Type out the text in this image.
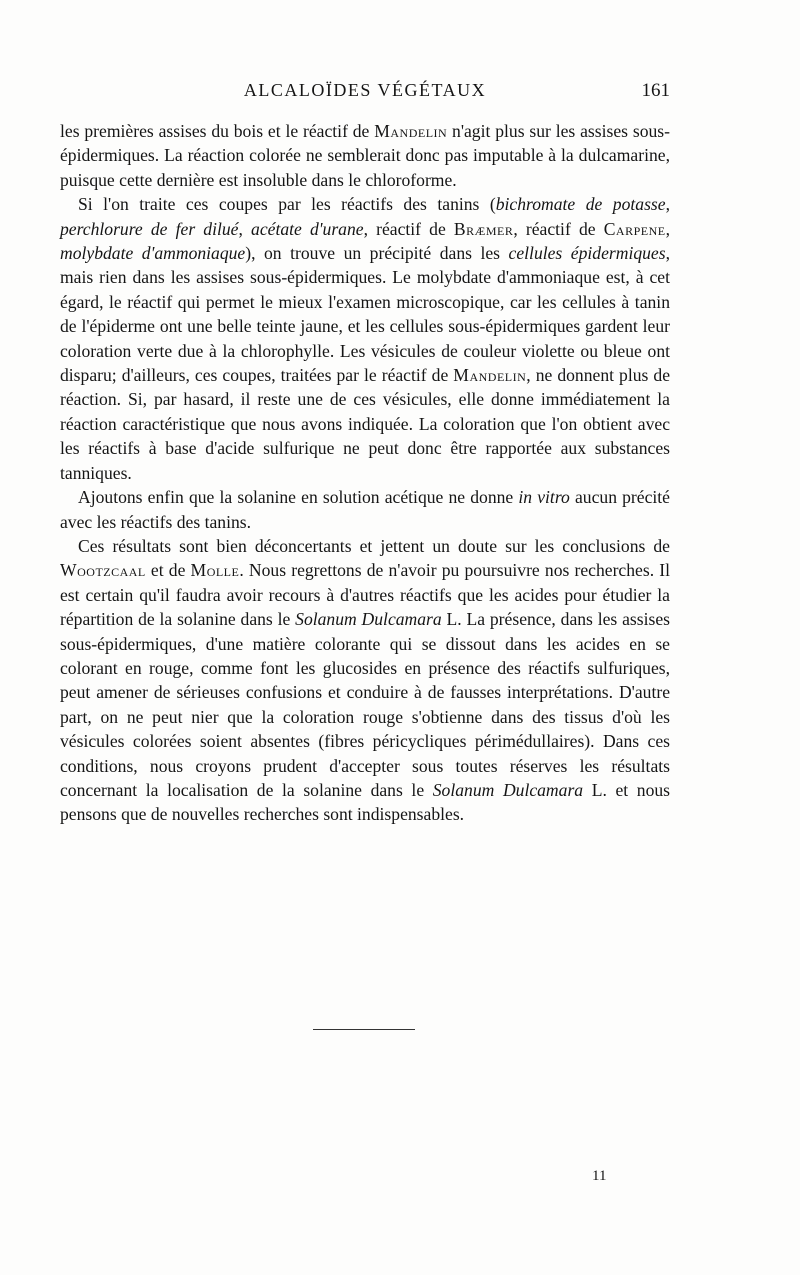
ALCALOÏDES VÉGÉTAUX	161

les premières assises du bois et le réactif de Mandelin n'agit plus sur les assises sous-épidermiques. La réaction colorée ne semblerait donc pas imputable à la dulcamarine, puisque cette dernière est insoluble dans le chloroforme.

Si l'on traite ces coupes par les réactifs des tanins (bichromate de potasse, perchlorure de fer dilué, acétate d'urane, réactif de Bræmer, réactif de Carpene, molybdate d'ammoniaque), on trouve un précipité dans les cellules épidermiques, mais rien dans les assises sous-épidermiques. Le molybdate d'ammoniaque est, à cet égard, le réactif qui permet le mieux l'examen microscopique, car les cellules à tanin de l'épiderme ont une belle teinte jaune, et les cellules sous-épidermiques gardent leur coloration verte due à la chlorophylle. Les vésicules de couleur violette ou bleue ont disparu; d'ailleurs, ces coupes, traitées par le réactif de Mandelin, ne donnent plus de réaction. Si, par hasard, il reste une de ces vésicules, elle donne immédiatement la réaction caractéristique que nous avons indiquée. La coloration que l'on obtient avec les réactifs à base d'acide sulfurique ne peut donc être rapportée aux substances tanniques.

Ajoutons enfin que la solanine en solution acétique ne donne in vitro aucun précité avec les réactifs des tanins.

Ces résultats sont bien déconcertants et jettent un doute sur les conclusions de Wootzcaal et de Molle. Nous regrettons de n'avoir pu poursuivre nos recherches. Il est certain qu'il faudra avoir recours à d'autres réactifs que les acides pour étudier la répartition de la solanine dans le Solanum Dulcamara L. La présence, dans les assises sous-épidermiques, d'une matière colorante qui se dissout dans les acides en se colorant en rouge, comme font les glucosides en présence des réactifs sulfuriques, peut amener de sérieuses confusions et conduire à de fausses interprétations. D'autre part, on ne peut nier que la coloration rouge s'obtienne dans des tissus d'où les vésicules colorées soient absentes (fibres péricycliques périmédullaires). Dans ces conditions, nous croyons prudent d'accepter sous toutes réserves les résultats concernant la localisation de la solanine dans le Solanum Dulcamara L. et nous pensons que de nouvelles recherches sont indispensables.

11
